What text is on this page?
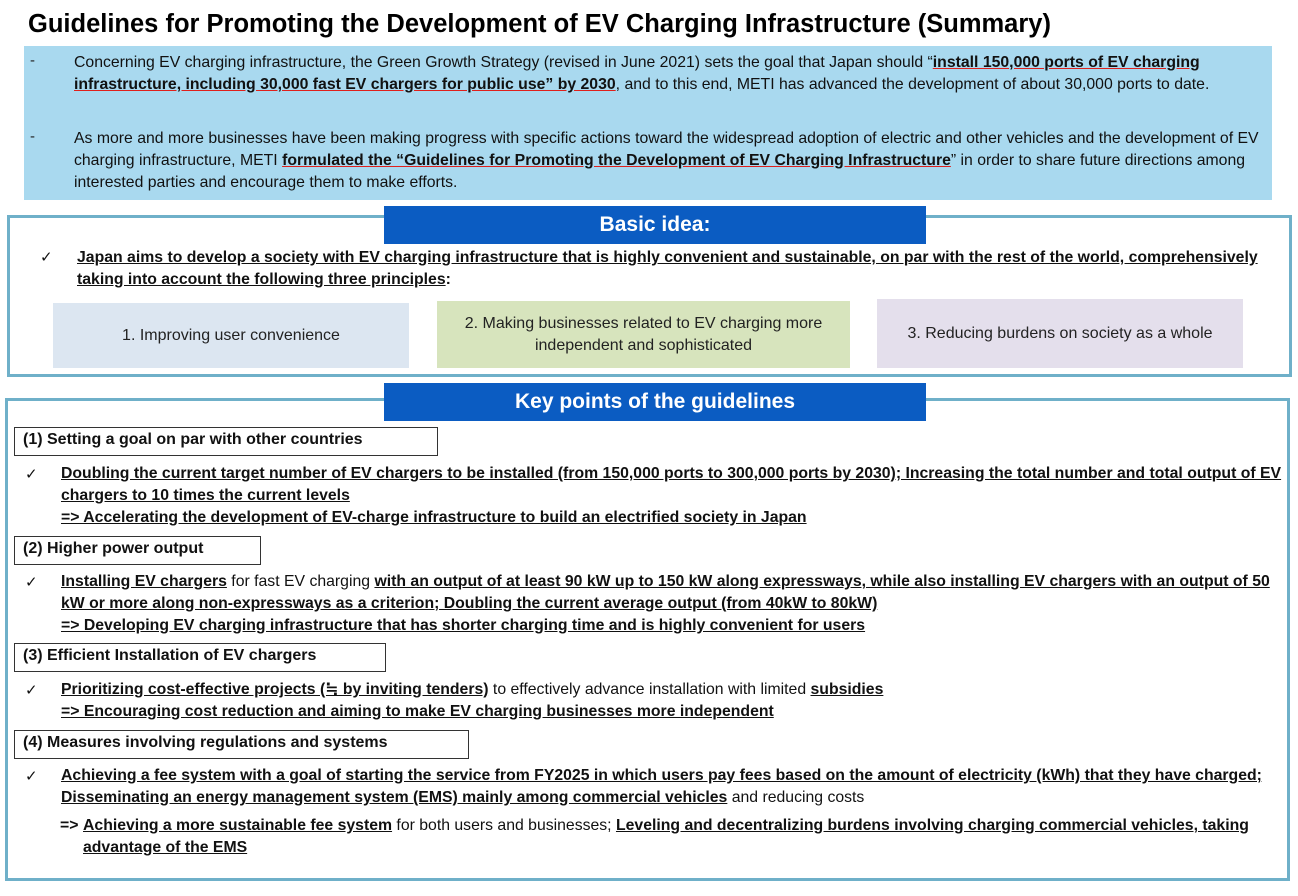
Guidelines for Promoting the Development of EV Charging Infrastructure (Summary)
- Concerning EV charging infrastructure, the Green Growth Strategy (revised in June 2021) sets the goal that Japan should “install 150,000 ports of EV charging infrastructure, including 30,000 fast EV chargers for public use” by 2030, and to this end, METI has advanced the development of about 30,000 ports to date.
- As more and more businesses have been making progress with specific actions toward the widespread adoption of electric and other vehicles and the development of EV charging infrastructure, METI formulated the “Guidelines for Promoting the Development of EV Charging Infrastructure” in order to share future directions among interested parties and encourage them to make efforts.
Basic idea:
✓ Japan aims to develop a society with EV charging infrastructure that is highly convenient and sustainable, on par with the rest of the world, comprehensively taking into account the following three principles:
1. Improving user convenience
2. Making businesses related to EV charging more independent and sophisticated
3. Reducing burdens on society as a whole
Key points of the guidelines
(1) Setting a goal on par with other countries
✓ Doubling the current target number of EV chargers to be installed (from 150,000 ports to 300,000 ports by 2030); Increasing the total number and total output of EV chargers to 10 times the current levels
=> Accelerating the development of EV-charge infrastructure to build an electrified society in Japan
(2) Higher power output
✓ Installing EV chargers for fast EV charging with an output of at least 90 kW up to 150 kW along expressways, while also installing EV chargers with an output of 50 kW or more along non-expressways as a criterion; Doubling the current average output (from 40kW to 80kW)
=> Developing EV charging infrastructure that has shorter charging time and is highly convenient for users
(3) Efficient Installation of EV chargers
✓ Prioritizing cost-effective projects (≒ by inviting tenders) to effectively advance installation with limited subsidies
=> Encouraging cost reduction and aiming to make EV charging businesses more independent
(4) Measures involving regulations and systems
✓ Achieving a fee system with a goal of starting the service from FY2025 in which users pay fees based on the amount of electricity (kWh) that they have charged; Disseminating an energy management system (EMS) mainly among commercial vehicles and reducing costs
=> Achieving a more sustainable fee system for both users and businesses; Leveling and decentralizing burdens involving charging commercial vehicles, taking advantage of the EMS
